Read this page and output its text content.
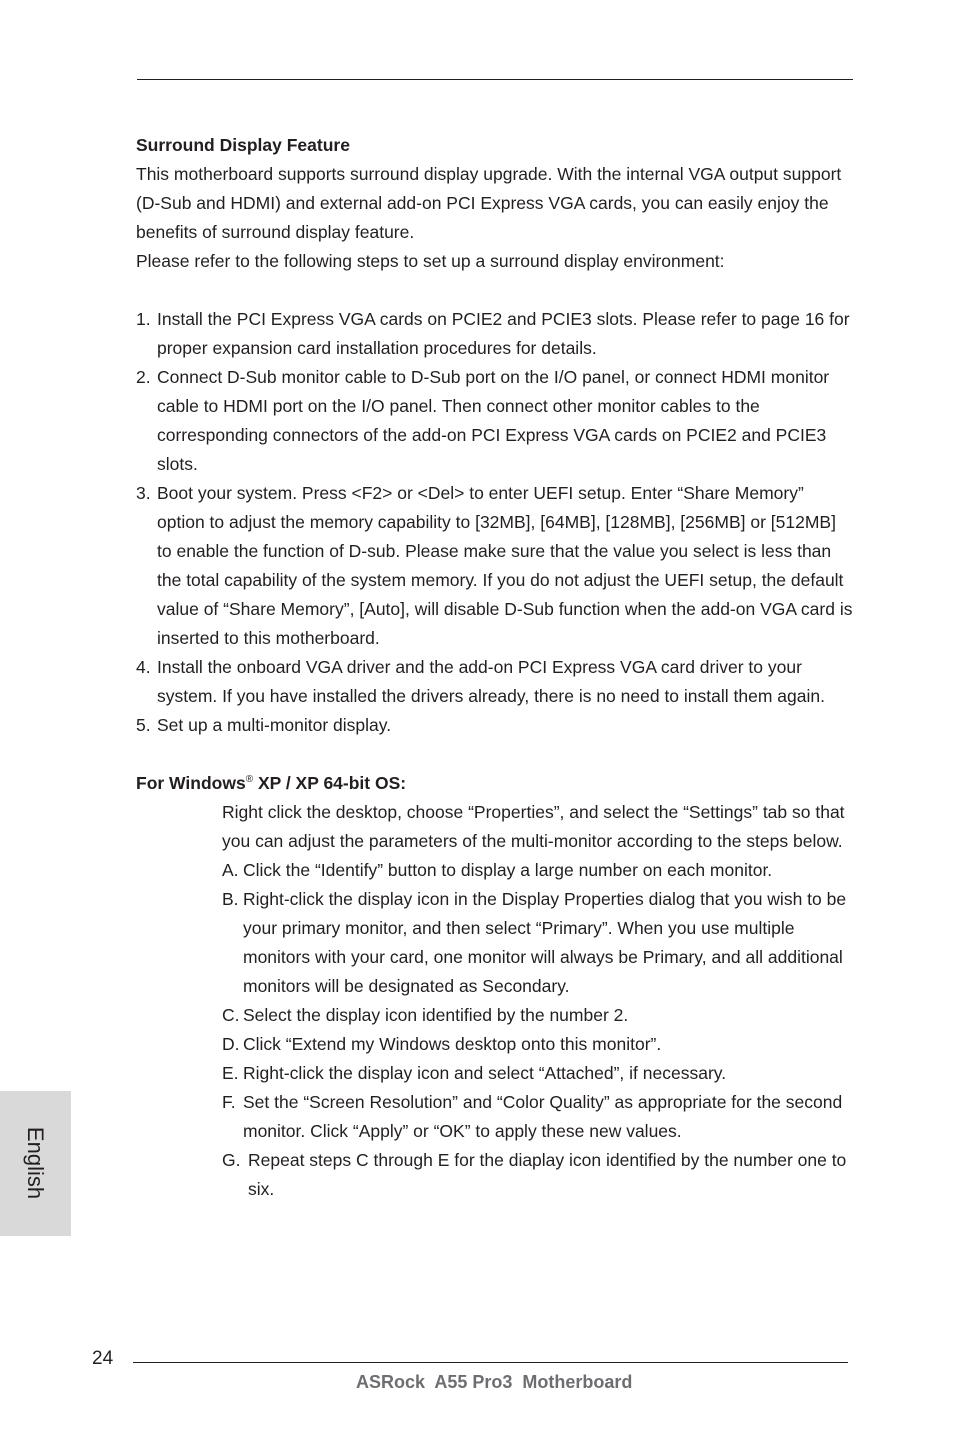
Surround Display Feature

This motherboard supports surround display upgrade. With the internal VGA output support (D-Sub and HDMI) and external add-on PCI Express VGA cards, you can easily enjoy the benefits of surround display feature.

Please refer to the following steps to set up a surround display environment:

1. Install the PCI Express VGA cards on PCIE2 and PCIE3 slots. Please refer to page 16 for proper expansion card installation procedures for details.
2. Connect D-Sub monitor cable to D-Sub port on the I/O panel, or connect HDMI monitor cable to HDMI port on the I/O panel. Then connect other monitor cables to the corresponding connectors of the add-on PCI Express VGA cards on PCIE2 and PCIE3 slots.
3. Boot your system. Press <F2> or <Del> to enter UEFI setup. Enter “Share Memory” option to adjust the memory capability to [32MB], [64MB], [128MB], [256MB] or [512MB] to enable the function of D-sub. Please make sure that the value you select is less than the total capability of the system memory. If you do not adjust the UEFI setup, the default value of “Share Memory”, [Auto], will disable D-Sub function when the add-on VGA card is inserted to this motherboard.
4. Install the onboard VGA driver and the add-on PCI Express VGA card driver to your system. If you have installed the drivers already, there is no need to install them again.
5. Set up a multi-monitor display.

For Windows® XP / XP 64-bit OS:

Right click the desktop, choose “Properties”, and select the “Settings” tab so that you can adjust the parameters of the multi-monitor according to the steps below.

A. Click the “Identify” button to display a large number on each monitor.
B. Right-click the display icon in the Display Properties dialog that you wish to be your primary monitor, and then select “Primary”. When you use multiple monitors with your card, one monitor will always be Primary, and all additional monitors will be designated as Secondary.
C. Select the display icon identified by the number 2.
D. Click “Extend my Windows desktop onto this monitor”.
E. Right-click the display icon and select “Attached”, if necessary.
F. Set the “Screen Resolution” and “Color Quality” as appropriate for the second monitor. Click “Apply” or “OK” to apply these new values.
G. Repeat steps C through E for the diaplay icon identified by the number one to six.
English
24
ASRock  A55 Pro3  Motherboard
